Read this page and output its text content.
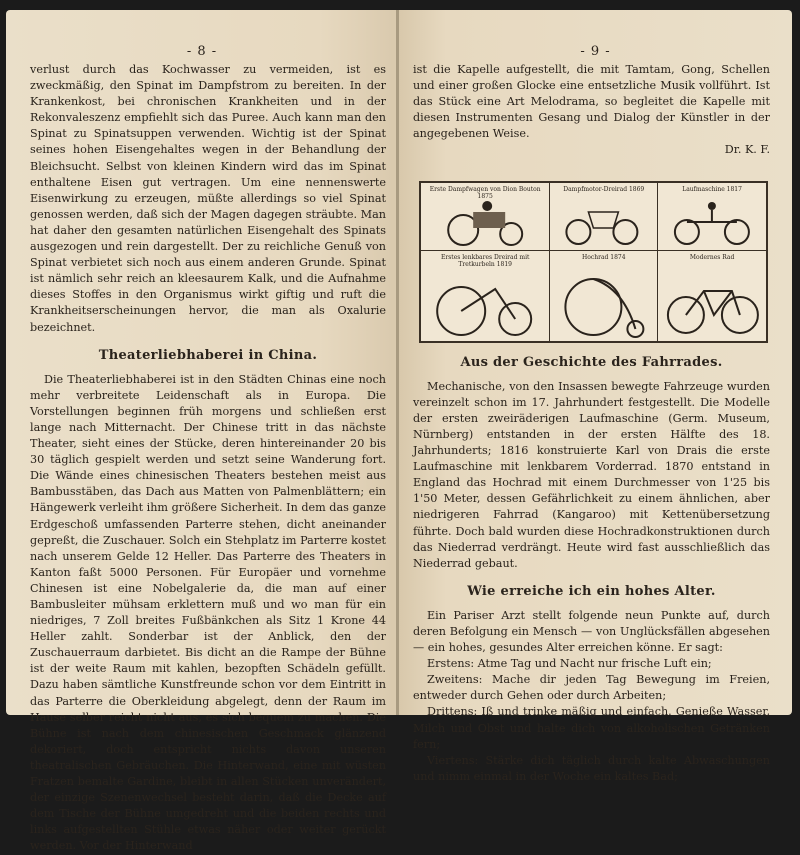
- 8 -

verlust durch das Kochwasser zu vermeiden, ist es zweckmäßig, den Spinat im Dampfstrom zu bereiten. In der Krankenkost, bei chronischen Krankheiten und in der Rekonvaleszenz empfiehlt sich das Puree. Auch kann man den Spinat zu Spinatsuppen verwenden. Wichtig ist der Spinat seines hohen Eisengehaltes wegen in der Behandlung der Bleichsucht. Selbst von kleinen Kindern wird das im Spinat enthaltene Eisen gut vertragen. Um eine nennenswerte Eisenwirkung zu erzeugen, müßte allerdings so viel Spinat genossen werden, daß sich der Magen dagegen sträubte. Man hat daher den gesamten natürlichen Eisengehalt des Spinats ausgezogen und rein dargestellt. Der zu reichliche Genuß von Spinat verbietet sich noch aus einem anderen Grunde. Spinat ist nämlich sehr reich an kleesaurem Kalk, und die Aufnahme dieses Stoffes in den Organismus wirkt giftig und ruft die Krankheitserscheinungen hervor, die man als Oxalurie bezeichnet.

Theaterliebhaberei in China.

Die Theaterliebhaberei ist in den Städten Chinas eine noch mehr verbreitete Leidenschaft als in Europa. Die Vorstellungen beginnen früh morgens und schließen erst lange nach Mitternacht. Der Chinese tritt in das nächste Theater, sieht eines der Stücke, deren hintereinander 20 bis 30 täglich gespielt werden und setzt seine Wanderung fort. Die Wände eines chinesischen Theaters bestehen meist aus Bambusstäben, das Dach aus Matten von Palmenblättern; ein Hängewerk verleiht ihm größere Sicherheit. In dem das ganze Erdgeschoß umfassenden Parterre stehen, dicht aneinander gepreßt, die Zuschauer. Solch ein Stehplatz im Parterre kostet nach unserem Gelde 12 Heller. Das Parterre des Theaters in Kanton faßt 5000 Personen. Für Europäer und vornehme Chinesen ist eine Nobelgalerie da, die man auf einer Bambusleiter mühsam erklettern muß und wo man für ein niedriges, 7 Zoll breites Fußbänkchen als Sitz 1 Krone 44 Heller zahlt. Sonderbar ist der Anblick, den der Zuschauerraum darbietet. Bis dicht an die Rampe der Bühne ist der weite Raum mit kahlen, bezopften Schädeln gefüllt. Dazu haben sämtliche Kunstfreunde schon vor dem Eintritt in das Parterre die Oberkleidung abgelegt, denn der Raum im Hause selber reicht nicht aus, es sich bequem zu machen. Die Bühne ist nach dem chinesischen Geschmack glänzend dekoriert, doch entspricht nichts davon unseren theatralischen Gebräuchen. Die Hinterwand, eine mit wüsten Fratzen bemalte Gardine, bleibt in allen Stücken unverändert, der einzige Szenenwechsel besteht darin, daß die Decke auf dem Tische der Bühne umgedreht und die beiden rechts und links aufgestellten Stühle etwas näher oder weiter gerückt werden. Vor der Hinterwand

- 9 -

ist die Kapelle aufgestellt, die mit Tamtam, Gong, Schellen und einer großen Glocke eine entsetzliche Musik vollführt. Ist das Stück eine Art Melodrama, so begleitet die Kapelle mit diesen Instrumenten Gesang und Dialog der Künstler in der angegebenen Weise.

Dr. K. F.
Erste Dampfwagen von Dion Bouton 1875
Dampfmotor-Dreirad 1869	Laufmaschine 1817
Erstes lenkbares Dreirad mit Tretkurbeln 1819
Hochrad 1874	Modernes Rad
Aus der Geschichte des Fahrrades.

Mechanische, von den Insassen bewegte Fahrzeuge wurden vereinzelt schon im 17. Jahrhundert festgestellt. Die Modelle der ersten zweiräderigen Laufmaschine (Germ. Museum, Nürnberg) entstanden in der ersten Hälfte des 18. Jahrhunderts; 1816 konstruierte Karl von Drais die erste Laufmaschine mit lenkbarem Vorderrad. 1870 entstand in England das Hochrad mit einem Durchmesser von 1'25 bis 1'50 Meter, dessen Gefährlichkeit zu einem ähnlichen, aber niedrigeren Fahrrad (Kangaroo) mit Kettenübersetzung führte. Doch bald wurden diese Hochradkonstruktionen durch das Niederrad verdrängt. Heute wird fast ausschließlich das Niederrad gebaut.

Wie erreiche ich ein hohes Alter.

Ein Pariser Arzt stellt folgende neun Punkte auf, durch deren Befolgung ein Mensch — von Unglücksfällen abgesehen — ein hohes, gesundes Alter erreichen könne. Er sagt:

Erstens: Atme Tag und Nacht nur frische Luft ein;

Zweitens: Mache dir jeden Tag Bewegung im Freien, entweder durch Gehen oder durch Arbeiten;

Drittens: Iß und trinke mäßig und einfach. Genieße Wasser, Milch und Obst und halte dich von alkoholischen Getränken fern;

Viertens: Stärke dich täglich durch kalte Abwaschungen und nimm einmal in der Woche ein kaltes Bad;
